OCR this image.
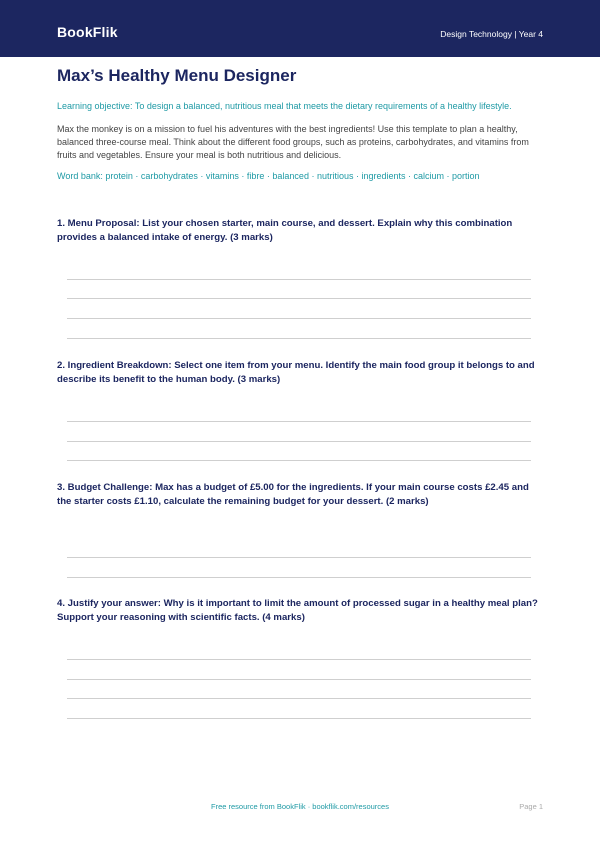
BookFlik	Design Technology | Year 4
Max’s Healthy Menu Designer
Learning objective: To design a balanced, nutritious meal that meets the dietary requirements of a healthy lifestyle.
Max the monkey is on a mission to fuel his adventures with the best ingredients! Use this template to plan a healthy, balanced three-course meal. Think about the different food groups, such as proteins, carbohydrates, and vitamins from fruits and vegetables. Ensure your meal is both nutritious and delicious.
Word bank: protein · carbohydrates · vitamins · fibre · balanced · nutritious · ingredients · calcium · portion
1. Menu Proposal: List your chosen starter, main course, and dessert. Explain why this combination provides a balanced intake of energy. (3 marks)
2. Ingredient Breakdown: Select one item from your menu. Identify the main food group it belongs to and describe its benefit to the human body. (3 marks)
3. Budget Challenge: Max has a budget of £5.00 for the ingredients. If your main course costs £2.45 and the starter costs £1.10, calculate the remaining budget for your dessert. (2 marks)
4. Justify your answer: Why is it important to limit the amount of processed sugar in a healthy meal plan? Support your reasoning with scientific facts. (4 marks)
Free resource from BookFlik · bookflik.com/resources	Page 1
